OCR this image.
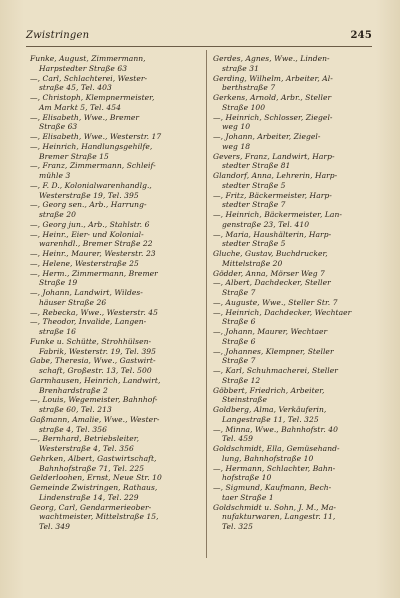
Zwistringen	245
Funke, August, Zimmermann,
Harpstedter Straße 63
—, Carl, Schlachterei, Wester-
straße 45, Tel. 403
—, Christoph, Klempnermeister,
Am Markt 5, Tel. 454
—, Elisabeth, Wwe., Bremer
Straße 63
—, Elisabeth, Wwe., Westerstr. 17
—, Heinrich, Handlungsgehilfe,
Bremer Straße 15
—, Franz, Zimmermann, Schleif-
mühle 3
—, F. D., Kolonialwarenhandlg.,
Westerstraße 19, Tel. 395
—, Georg sen., Arb., Harrung-
straße 20
—, Georg jun., Arb., Stahlstr. 6
—, Heinr., Eier- und Kolonial-
warenhdl., Bremer Straße 22
—, Heinr., Maurer, Westerstr. 23
—, Helene, Westerstraße 25
—, Herm., Zimmermann, Bremer
Straße 19
—, Johann, Landwirt, Wildes-
häuser Straße 26
—, Rebecka, Wwe., Westerstr. 45
—, Theodor, Invalide, Langen-
straße 16
Funke u. Schütte, Strohhülsen-
Fabrik, Westerstr. 19, Tel. 395
Gabe, Theresia, Wwe., Gastwirt-
schaft, Großestr. 13, Tel. 500
Garmhausen, Heinrich, Landwirt,
Brenhardstraße 2
—, Louis, Wegemeister, Bahnhof-
straße 60, Tel. 213
Gaßmann, Amalie, Wwe., Wester-
straße 4, Tel. 356
—, Bernhard, Betriebsleiter,
Westerstraße 4, Tel. 356
Gehrken, Albert, Gastwirtschaft,
Bahnhofstraße 71, Tel. 225
Gelderloohen, Ernst, Neue Str. 10
Gemeinde Zwistringen, Rathaus,
Lindenstraße 14, Tel. 229
Georg, Carl, Gendarmerieober-
wachtmeister, Mittelstraße 15,
Tel. 349
Gerdes, Agnes, Wwe., Linden-
straße 31
Gerding, Wilhelm, Arbeiter, Al-
berthstraße 7
Gerkens, Arnold, Arbr., Steller
Straße 100
—, Heinrich, Schlosser, Ziegel-
weg 10
—, Johann, Arbeiter, Ziegel-
weg 18
Gevers, Franz, Landwirt, Harp-
stedter Straße 81
Glandorf, Anna, Lehrerin, Harp-
stedter Straße 5
—, Fritz, Bäckermeister, Harp-
stedter Straße 7
—, Heinrich, Bäckermeister, Lan-
genstraße 23, Tel. 410
—, Maria, Haushälterin, Harp-
stedter Straße 5
Gluche, Gustav, Buchdrucker,
Mittelstraße 20
Gödder, Anna, Mörser Weg 7
—, Albert, Dachdecker, Steller
Straße 7
—, Auguste, Wwe., Steller Str. 7
—, Heinrich, Dachdecker, Wechtaer
Straße 6
—, Johann, Maurer, Wechtaer
Straße 6
—, Johannes, Klempner, Steller
Straße 7
—, Karl, Schuhmacherei, Steller
Straße 12
Göbbert, Friedrich, Arbeiter,
Steinstraße
Goldberg, Alma, Verkäuferin,
Langestraße 11, Tel. 325
—, Minna, Wwe., Bahnhofstr. 40
Tel. 459
Goldschmidt, Ella, Gemüsehand-
lung, Bahnhofstraße 10
—, Hermann, Schlachter, Bahn-
hofstraße 10
—, Sigmund, Kaufmann, Bech-
taer Straße 1
Goldschmidt u. Sohn, J. M., Ma-
nufakturwaren, Langestr. 11,
Tel. 325
